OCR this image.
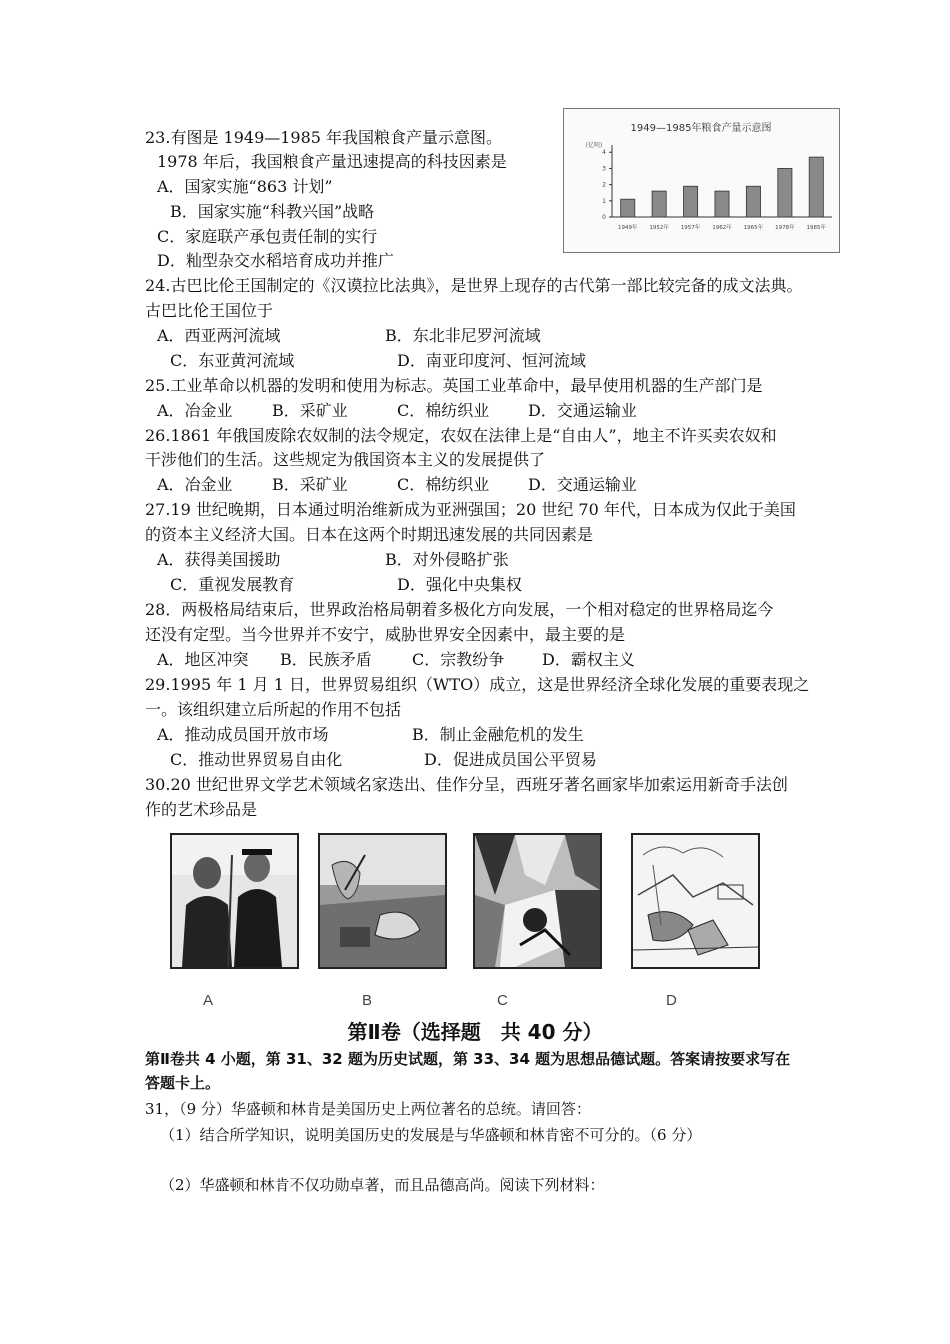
23.有图是 1949—1985 年我国粮食产量示意图。
1978 年后，我国粮食产量迅速提高的科技因素是
A．国家实施“863 计划”
B．国家实施“科教兴国”战略
C．家庭联产承包责任制的实行
D．籼型杂交水稻培育成功并推广
1949—1985年粮食产量示意图
(亿吨)
0
1
2
3
4
1949年 1952年 1957年 1962年 1965年 1978年 1985年
24.古巴比伦王国制定的《汉谟拉比法典》，是世界上现存的古代第一部比较完备的成文法典。
古巴比伦王国位于
A．西亚两河流域	B．东北非尼罗河流域
C．东亚黄河流域	D．南亚印度河、恒河流域
25.工业革命以机器的发明和使用为标志。英国工业革命中，最早使用机器的生产部门是
A．冶金业 B．采矿业	C．棉纺织业 D．交通运输业
26.1861 年俄国废除农奴制的法令规定，农奴在法律上是“自由人”，地主不许买卖农奴和
干涉他们的生活。这些规定为俄国资本主义的发展提供了
A．冶金业 B．采矿业	C．棉纺织业 D．交通运输业
27.19 世纪晚期，日本通过明治维新成为亚洲强国；20 世纪 70 年代，日本成为仅此于美国
的资本主义经济大国。日本在这两个时期迅速发展的共同因素是
A．获得美国援助	B．对外侵略扩张
C．重视发展教育	D．强化中央集权
28．两极格局结束后，世界政治格局朝着多极化方向发展，一个相对稳定的世界格局迄今
还没有定型。当今世界并不安宁，威胁世界安全因素中，最主要的是
A．地区冲突 B．民族矛盾	C．宗教纷争 D．霸权主义
29.1995 年 1 月 1 日，世界贸易组织（WTO）成立，这是世界经济全球化发展的重要表现之
一。该组织建立后所起的作用不包括
A．推动成员国开放市场	B．制止金融危机的发生
C．推动世界贸易自由化	D．促进成员国公平贸易
30.20 世纪世界文学艺术领域名家迭出、佳作分呈，西班牙著名画家毕加索运用新奇手法创
作的艺术珍品是
A	B	C	D
第Ⅱ卷（选择题　共 40 分）
第Ⅱ卷共 4 小题，第 31、32 题为历史试题，第 33、34 题为思想品德试题。答案请按要求写在
答题卡上。
31，（9 分）华盛顿和林肯是美国历史上两位著名的总统。请回答：
（1）结合所学知识，说明美国历史的发展是与华盛顿和林肯密不可分的。（6 分）
（2）华盛顿和林肯不仅功勋卓著，而且品德高尚。阅读下列材料：
